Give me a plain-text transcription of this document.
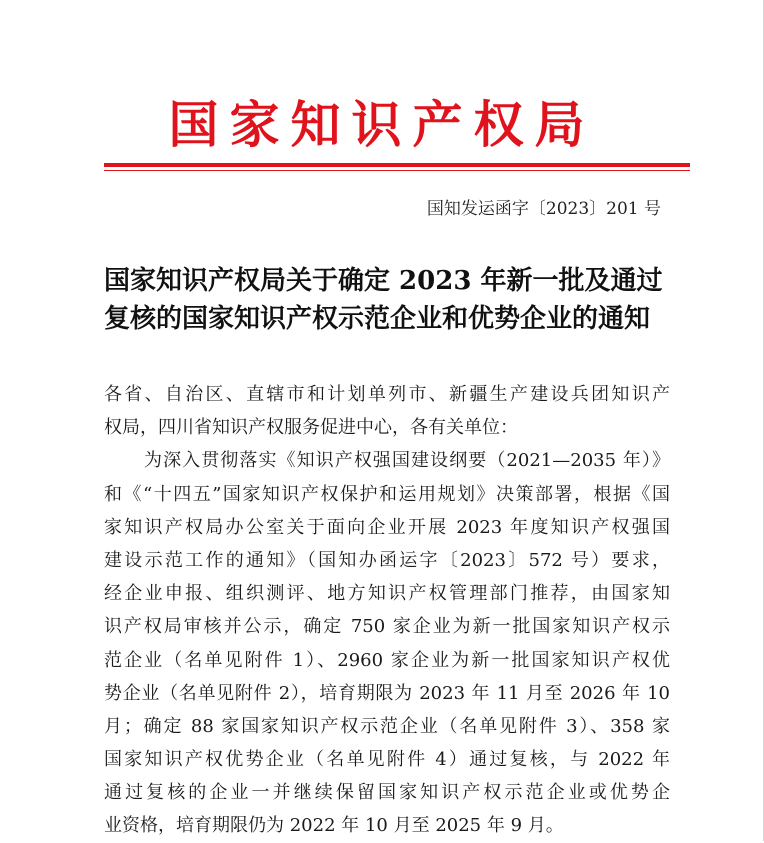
国家知识产权局
国知发运函字〔2023〕201 号
国家知识产权局关于确定 2023 年新一批及通过
复核的国家知识产权示范企业和优势企业的通知
各省、自治区、直辖市和计划单列市、新疆生产建设兵团知识产
权局，四川省知识产权服务促进中心，各有关单位：
为深入贯彻落实《知识产权强国建设纲要（2021—2035 年）》
和《“十四五”国家知识产权保护和运用规划》决策部署，根据《国
家知识产权局办公室关于面向企业开展 2023 年度知识产权强国
建设示范工作的通知》（国知办函运字〔2023〕572 号）要求，
经企业申报、组织测评、地方知识产权管理部门推荐，由国家知
识产权局审核并公示，确定 750 家企业为新一批国家知识产权示
范企业（名单见附件 1）、2960 家企业为新一批国家知识产权优
势企业（名单见附件 2），培育期限为 2023 年 11 月至 2026 年 10
月；确定 88 家国家知识产权示范企业（名单见附件 3）、358 家
国家知识产权优势企业（名单见附件 4）通过复核，与 2022 年
通过复核的企业一并继续保留国家知识产权示范企业或优势企
业资格，培育期限仍为 2022 年 10 月至 2025 年 9 月。
